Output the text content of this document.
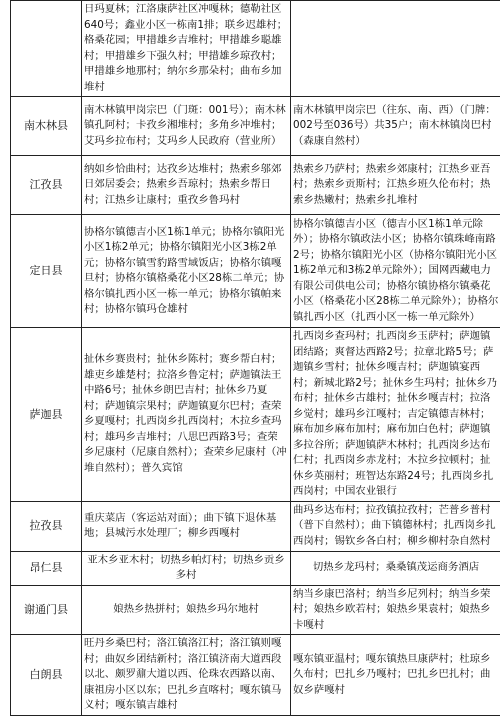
	日玛夏林；江洛康萨社区冲嘎林；德勒社区640号；鑫业小区一栋南1排；联乡迟雄村；格桑花园；甲措雄乡吉堆村；甲措雄乡聪雄村；甲措雄乡下强久村；甲措雄乡琼孜村；甲措雄乡地那村；纳尔乡那朵村；曲布乡加堆村	
南木林县	南木林镇甲岗宗巴（门斑：001号）；南木林镇孔阿村；卡孜乡湘堆村；多角乡冲堆村；艾玛乡拉布村；艾玛乡人民政府（营业所）	南木林镇甲岗宗巴（往东、南、西）（门牌：002号至036号）共35户；南木林镇岗巴村（森康自然村）
江孜县	纳如乡恰曲村；达孜乡达堆村；热索乡邬郊日郊居委会；热索乡吾琼村；热索乡帮日村；江热乡让康村；重孜乡鲁玛村	热索乡乃萨村；热索乡郊康村；江热乡亚吾村；热索乡贡斯村；江热乡班久伦布村；热索乡热嫩村；热索乡扎堆村
定日县	协格尔镇德吉小区1栋1单元；协格尔镇阳光小区1栋2单元；协格尔镇阳光小区3栋2单元；协格尔镇雪豹路雪域饭店；协格尔镇嘎旦村；协格尔镇格桑花小区28栋二单元；协格尔镇扎西小区一栋一单元；协格尔镇帕来村；协格尔镇玛仓雄村	协格尔镇德吉小区（德吉小区1栋1单元除外）；协格尔镇政法小区；协格尔镇珠峰南路2号；协格尔镇阳光小区（协格尔镇阳光小区1栋2单元和3栋2单元除外）；国网西藏电力有限公司供电公司；协格尔镇协格尔镇桑花小区（格桑花小区28栋二单元除外）；协格尔镇扎西小区（扎西小区一栋一单元除外）
萨迦县	扯休乡赛贵村；扯休乡陈村；赛乡帮白村；雄吏乡雄楚村；拉洛乡鲁定村；萨迦镇法王中路6号；扯休乡朗巴吉村；扯休乡乃夏村；萨迦镇宗果村；萨迦镇夏尔巴村；查荣乡夏嘎村；扎西岗乡扎西岗村；木拉乡查玛村；雄玛乡吉堆村；八思巴西路3号；查荣乡尼康村（尼康自然村）；查荣乡尼康村（冲堆自然村）；普久宾馆	扎西岗乡查玛村；扎西岗乡玉萨村；萨迦镇团结路；爽督达西路2号；拉章北路5号；萨迦镇乡雪村；扯休乡嘎吉村；萨迦镇宴西村；新城北路2号；扯休乡生玛村；扯休乡乃布村；扯休乡古雄村；扯休乡嘎吉村；拉洛乡觉村；雄玛乡江嘎村；吉定镇德吉林村；麻布加乡麻布加村；麻布加白色村；萨迦镇多拉谷所；萨迦镇萨木林村；扎西岗乡达布仁村；扎西岗乡赤龙村；木拉乡拉顿村；扯休乡英丽村；班智达东路24号；扎西岗乡扎西岗村；中国农业银行
拉孜县	重庆菜店（客运站对面）；曲下镇下退休基地；县城污水处理厂；柳乡西嘎村	曲玛乡达布村；拉孜镇拉孜村；芒普乡普村（普下自然村）；曲下镇德林村；扎西岗乡扎西岗村；锡钦乡各白村；柳乡柳村杂自然村
昂仁县	亚木乡亚木村；切热乡帕灯村；切热乡贡乡多村	切热乡龙玛村；桑桑镇茂运商务酒店
谢通门县	娘热乡热拼村；娘热乡玛尔地村	纳当乡康巴洛村；纳当乡尼列村；纳当乡荣村；娘热乡欧若村；娘热乡果袁村；娘热乡卡嘎村
白朗县	旺丹乡桑巴村；洛江镇洛江村；洛江镇则嘎村；曲奴乡团结新村；洛江镇济南大道西段以北、颇罗鼐大道以西、伦珠农西路以南、康祖房小区以东；巴扎乡直喀村；嘎东镇马义村；嘎东镇吉雄村	嘎东镇亚温村；嘎东镇热旦康萨村；杜琼乡久布村；巴扎乡乃嘎村；巴扎乡巴扎村；曲奴乡萨嘎村
